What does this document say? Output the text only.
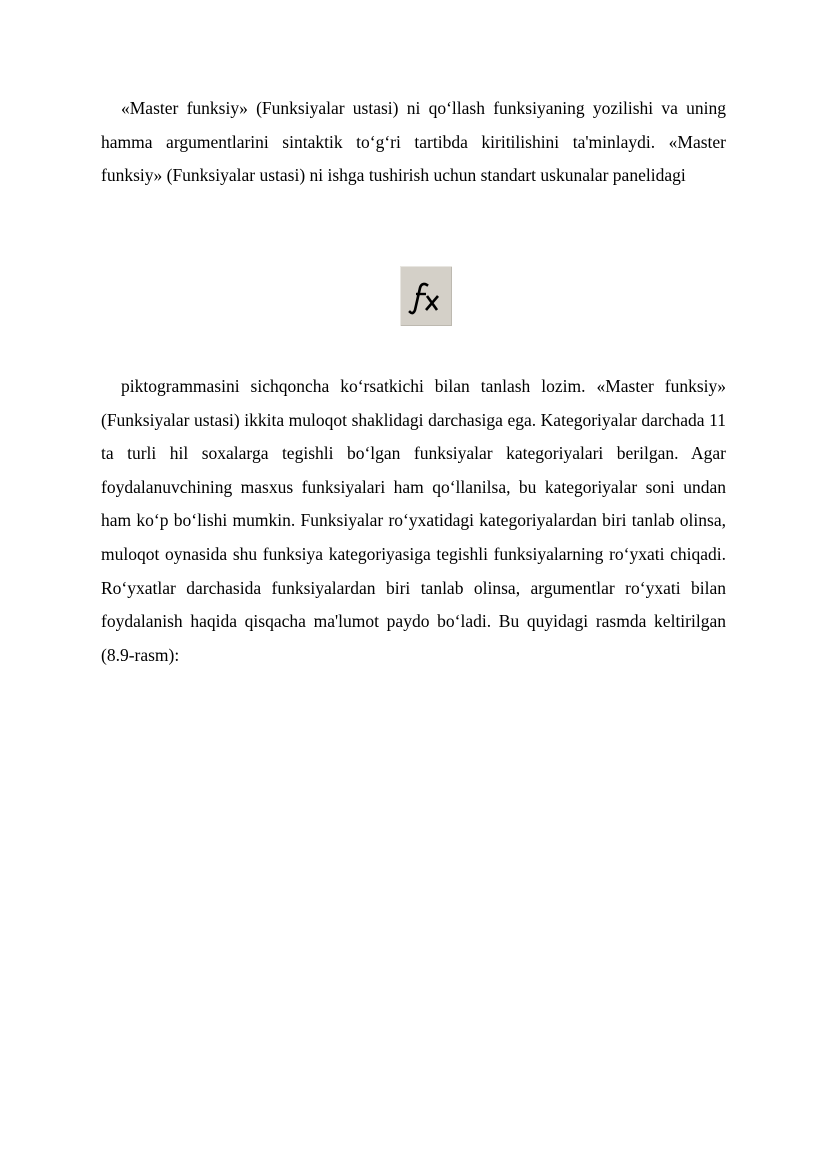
«Master funksiy» (Funksiyalar ustasi) ni qo‘llash funksiyaning yozilishi va uning hamma argumentlarini sintaktik to‘g‘ri tartibda kiritilishini ta'minlaydi. «Master funksiy» (Funksiyalar ustasi) ni ishga tushirish uchun standart uskunalar panelidagi

piktogrammasini sichqoncha ko‘rsatkichi bilan tanlash lozim. «Master funksiy» (Funksiyalar ustasi) ikkita muloqot shaklidagi darchasiga ega. Kategoriyalar darchada 11 ta turli hil soxalarga tegishli bo‘lgan funksiyalar kategoriyalari berilgan. Agar foydalanuvchining masxus funksiyalari ham qo‘llanilsa, bu kategoriyalar soni undan ham ko‘p bo‘lishi mumkin. Funksiyalar ro‘yxatidagi kategoriyalardan biri tanlab olinsa, muloqot oynasida shu funksiya kategoriyasiga tegishli funksiyalarning ro‘yxati chiqadi. Ro‘yxatlar darchasida funksiyalardan biri tanlab olinsa, argumentlar ro‘yxati bilan foydalanish haqida qisqacha ma'lumot paydo bo‘ladi. Bu quyidagi rasmda keltirilgan (8.9-rasm):
